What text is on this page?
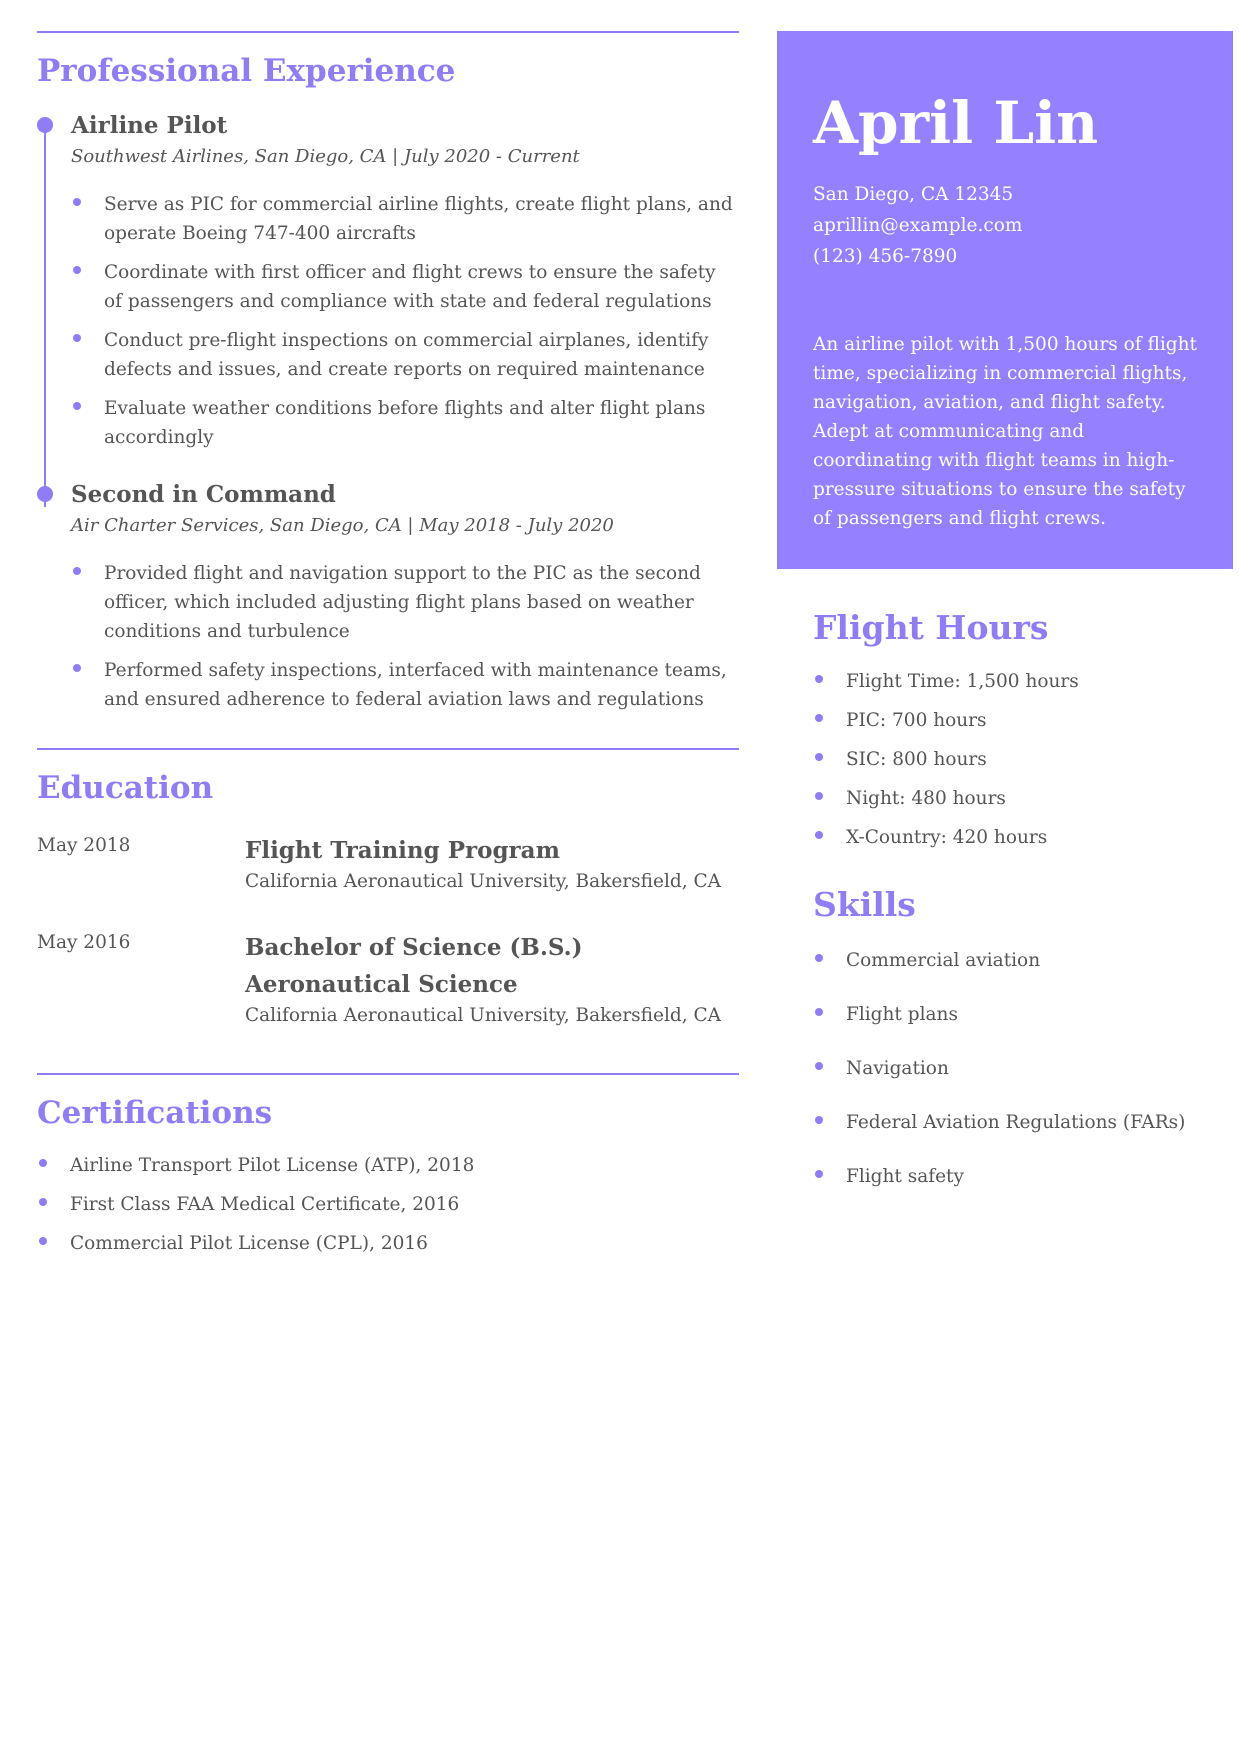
Professional Experience
Airline Pilot
Southwest Airlines, San Diego, CA | July 2020 - Current
Serve as PIC for commercial airline flights, create flight plans, and operate Boeing 747-400 aircrafts
Coordinate with first officer and flight crews to ensure the safety of passengers and compliance with state and federal regulations
Conduct pre-flight inspections on commercial airplanes, identify defects and issues, and create reports on required maintenance
Evaluate weather conditions before flights and alter flight plans accordingly
Second in Command
Air Charter Services, San Diego, CA | May 2018 - July 2020
Provided flight and navigation support to the PIC as the second officer, which included adjusting flight plans based on weather conditions and turbulence
Performed safety inspections, interfaced with maintenance teams, and ensured adherence to federal aviation laws and regulations
Education
May 2018	Flight Training Program
California Aeronautical University, Bakersfield, CA
May 2016	Bachelor of Science (B.S.)
Aeronautical Science
California Aeronautical University, Bakersfield, CA
Certifications
Airline Transport Pilot License (ATP), 2018
First Class FAA Medical Certificate, 2016
Commercial Pilot License (CPL), 2016
April Lin
San Diego, CA 12345
aprillin@example.com
(123) 456-7890
An airline pilot with 1,500 hours of flight time, specializing in commercial flights, navigation, aviation, and flight safety. Adept at communicating and coordinating with flight teams in high-pressure situations to ensure the safety of passengers and flight crews.
Flight Hours
Flight Time: 1,500 hours
PIC: 700 hours
SIC: 800 hours
Night: 480 hours
X-Country: 420 hours
Skills
Commercial aviation
Flight plans
Navigation
Federal Aviation Regulations (FARs)
Flight safety
